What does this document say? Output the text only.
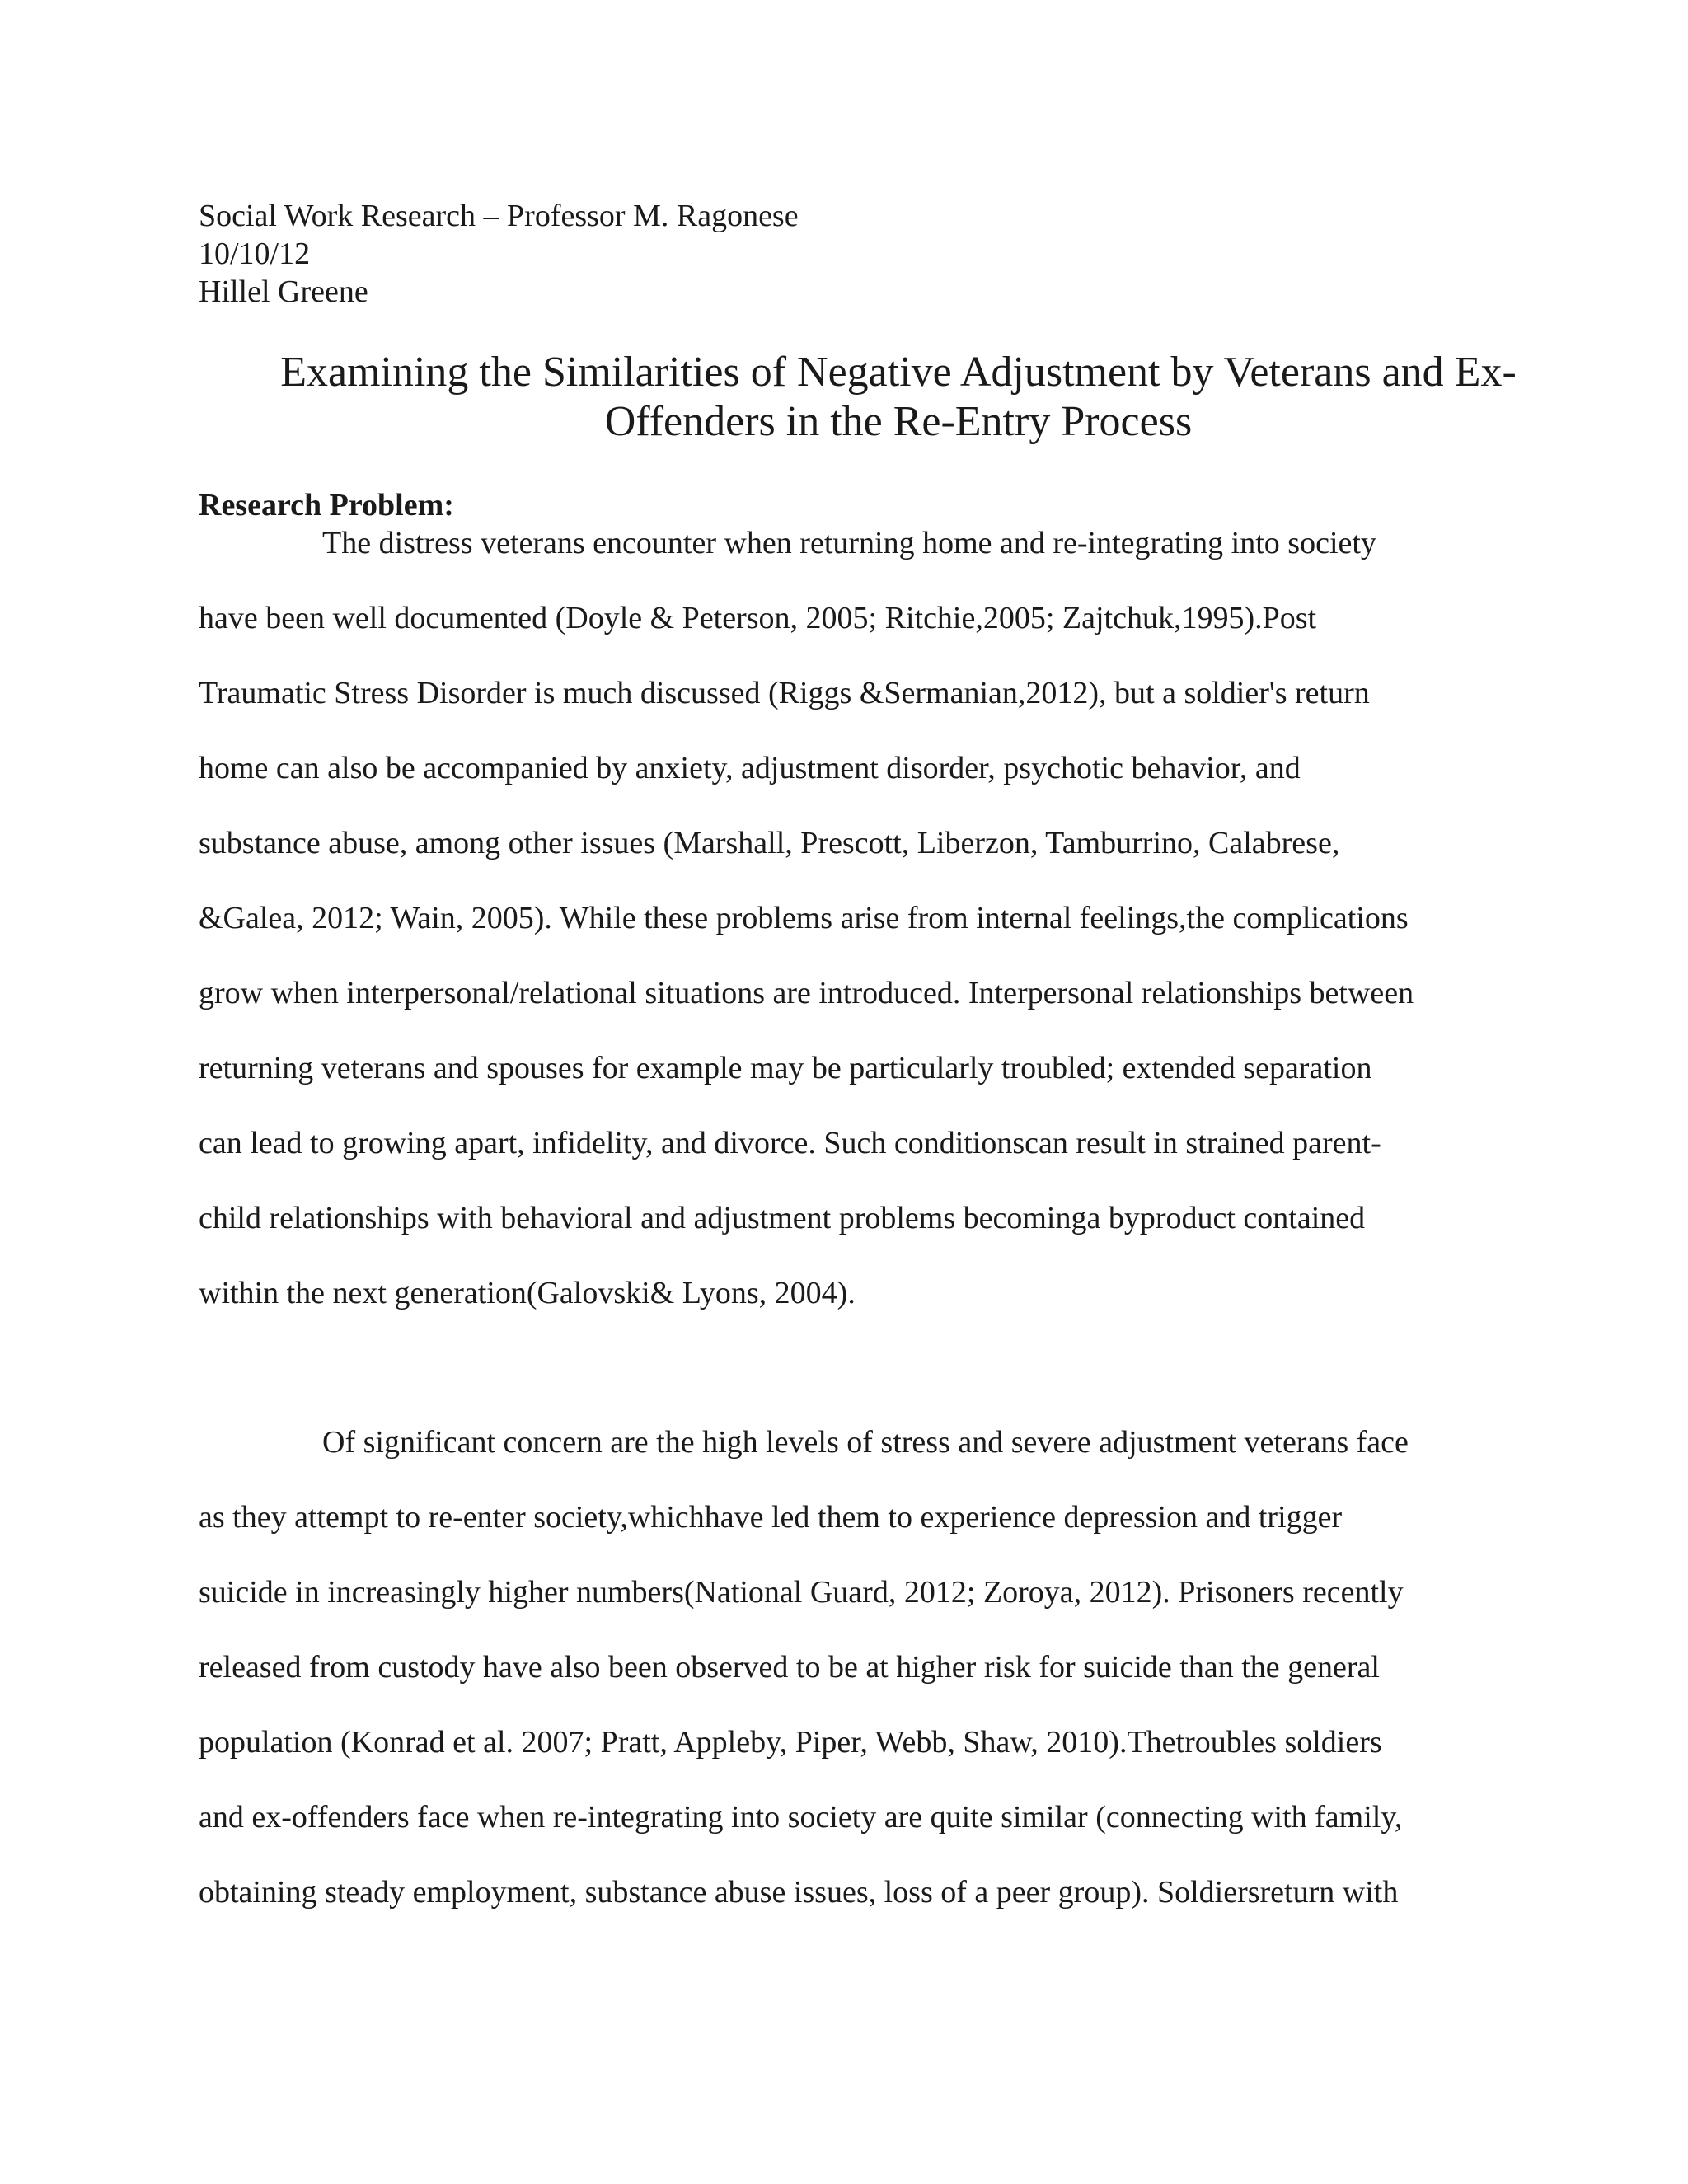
Social Work Research – Professor M. Ragonese
10/10/12
Hillel Greene
Examining the Similarities of Negative Adjustment by Veterans and Ex-
Offenders in the Re-Entry Process
Research Problem:
The distress veterans encounter when returning home and re-integrating into society
have been well documented (Doyle & Peterson, 2005; Ritchie,2005; Zajtchuk,1995).Post
Traumatic Stress Disorder is much discussed (Riggs &Sermanian,2012), but a soldier's return
home can also be accompanied by anxiety, adjustment disorder, psychotic behavior, and
substance abuse, among other issues (Marshall, Prescott, Liberzon, Tamburrino, Calabrese,
&Galea, 2012; Wain, 2005). While these problems arise from internal feelings,the complications
grow when interpersonal/relational situations are introduced. Interpersonal relationships between
returning veterans and spouses for example may be particularly troubled; extended separation
can lead to growing apart, infidelity, and divorce. Such conditionscan result in strained parent-
child relationships with behavioral and adjustment problems becominga byproduct contained
within the next generation(Galovski& Lyons, 2004).
Of significant concern are the high levels of stress and severe adjustment veterans face
as they attempt to re-enter society,whichhave led them to experience depression and trigger
suicide in increasingly higher numbers(National Guard, 2012; Zoroya, 2012). Prisoners recently
released from custody have also been observed to be at higher risk for suicide than the general
population (Konrad et al. 2007; Pratt, Appleby, Piper, Webb, Shaw, 2010).Thetroubles soldiers
and ex-offenders face when re-integrating into society are quite similar (connecting with family,
obtaining steady employment, substance abuse issues, loss of a peer group). Soldiersreturn with
